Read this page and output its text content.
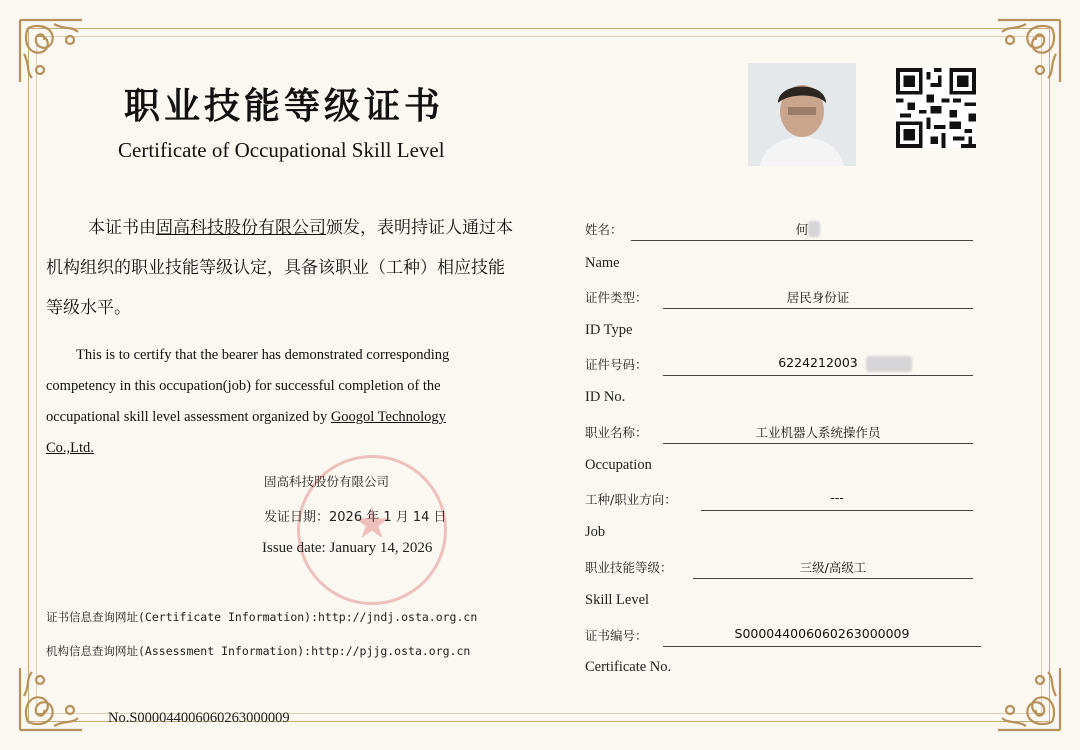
职业技能等级证书
Certificate of Occupational Skill Level
本证书由固高科技股份有限公司颁发，表明持证人通过本机构组织的职业技能等级认定，具备该职业（工种）相应技能等级水平。
This is to certify that the bearer has demonstrated corresponding competency in this occupation(job) for successful completion of the occupational skill level assessment organized by Googol Technology Co.,Ltd.
★
固高科技股份有限公司
发证日期：2026 年 1 月 14 日
Issue date: January 14, 2026
证书信息查询网址(Certificate Information):http://jndj.osta.org.cn
机构信息查询网址(Assessment Information):http://pjjg.osta.org.cn
No.S000044006060263000009
姓名：	何
Name
证件类型：	居民身份证
ID Type
证件号码：	6224212003
ID No.
职业名称：	工业机器人系统操作员
Occupation
工种/职业方向：	---
Job
职业技能等级：	三级/高级工
Skill Level
证书编号：	S000044006060263000009
Certificate No.
